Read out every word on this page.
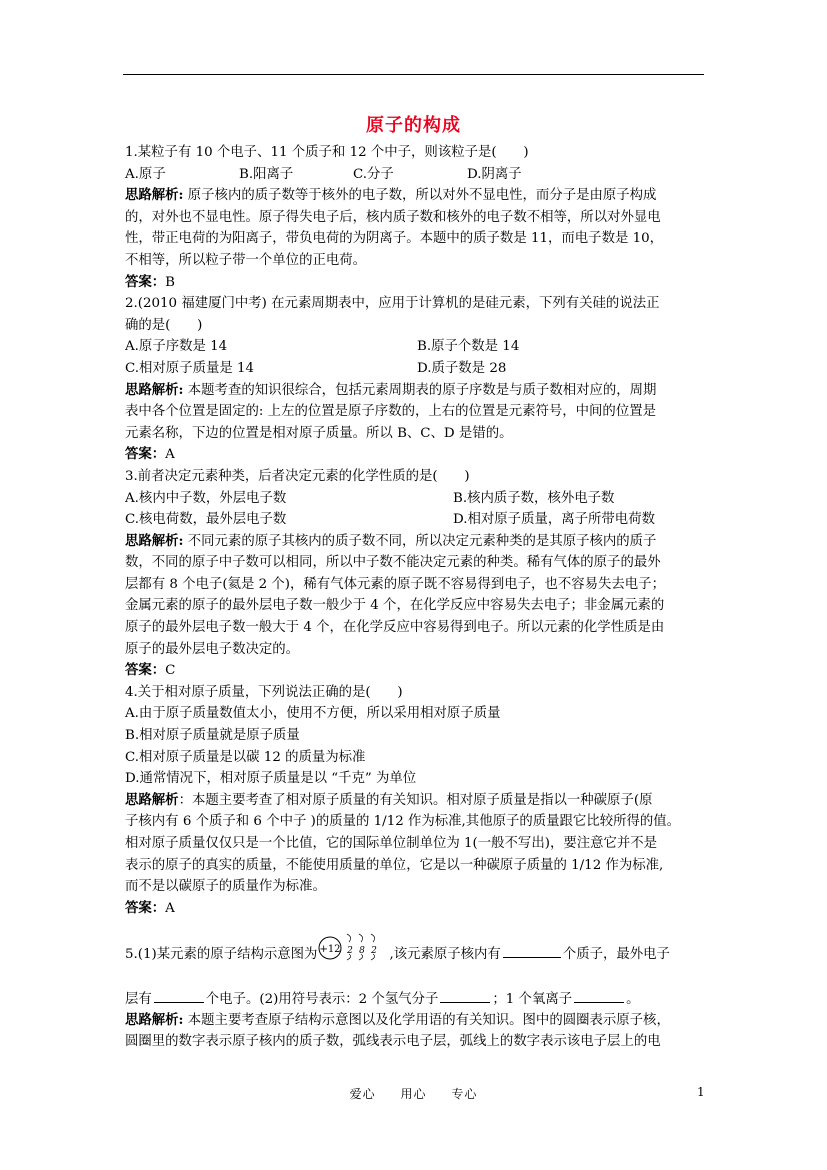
原子的构成
1.某粒子有 10 个电子、11 个质子和 12 个中子，则该粒子是(　　)
A.原子	B.阳离子	C.分子	D.阴离子
思路解析: 原子核内的质子数等于核外的电子数，所以对外不显电性，而分子是由原子构成
的，对外也不显电性。原子得失电子后，核内质子数和核外的电子数不相等，所以对外显电
性，带正电荷的为阳离子，带负电荷的为阴离子。本题中的质子数是 11，而电子数是 10，
不相等，所以粒子带一个单位的正电荷。
答案：B
2.(2010 福建厦门中考) 在元素周期表中，应用于计算机的是硅元素，下列有关硅的说法正
确的是(　　)
A.原子序数是 14	B.原子个数是 14
C.相对原子质量是 14	D.质子数是 28
思路解析: 本题考查的知识很综合，包括元素周期表的原子序数是与质子数相对应的，周期
表中各个位置是固定的: 上左的位置是原子序数的，上右的位置是元素符号，中间的位置是
元素名称，下边的位置是相对原子质量。所以 B、C、D 是错的。
答案：A
3.前者决定元素种类，后者决定元素的化学性质的是(　　)
A.核内中子数，外层电子数	B.核内质子数，核外电子数
C.核电荷数，最外层电子数	D.相对原子质量，离子所带电荷数
思路解析: 不同元素的原子其核内的质子数不同，所以决定元素种类的是其原子核内的质子
数，不同的原子中子数可以相同，所以中子数不能决定元素的种类。稀有气体的原子的最外
层都有 8 个电子(氦是 2 个)，稀有气体元素的原子既不容易得到电子，也不容易失去电子；
金属元素的原子的最外层电子数一般少于 4 个，在化学反应中容易失去电子；非金属元素的
原子的最外层电子数一般大于 4 个，在化学反应中容易得到电子。所以元素的化学性质是由
原子的最外层电子数决定的。
答案：C
4.关于相对原子质量，下列说法正确的是(　　)
A.由于原子质量数值太小，使用不方便，所以采用相对原子质量
B.相对原子质量就是原子质量
C.相对原子质量是以碳 12 的质量为标准
D.通常情况下，相对原子质量是以 “千克” 为单位
思路解析：本题主要考查了相对原子质量的有关知识。相对原子质量是指以一种碳原子(原
子核内有 6 个质子和 6 个中子 )的质量的 1/12 作为标准,其他原子的质量跟它比较所得的值。
相对原子质量仅仅只是一个比值，它的国际单位制单位为 1(一般不写出)，要注意它并不是
表示的原子的真实的质量，不能使用质量的单位，它是以一种碳原子质量的 1/12 作为标准,
而不是以碳原子的质量作为标准。
答案：A
5.(1)某元素的原子结构示意图为 +12 2 8 2 ,该元素原子核内有	个质子，最外电子
层有	个电子。(2)用符号表示：2 个氢气分子	；1 个氧离子	。
思路解析: 本题主要考查原子结构示意图以及化学用语的有关知识。图中的圆圈表示原子核，
圆圈里的数字表示原子核内的质子数，弧线表示电子层，弧线上的数字表示该电子层上的电
爱心 用心 专心	1
